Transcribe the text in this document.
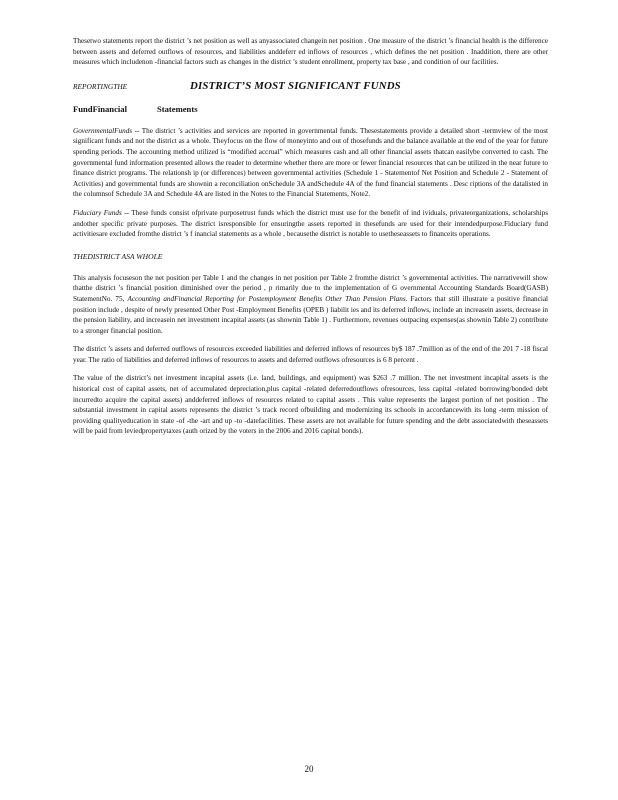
Thesetwo statements report the district ’s net position as well as anyassociated changein net position . One measure of the district ’s financial health is the difference between assets and deferred outflows of resources, and liabilities anddeferr ed inflows of resources , which defines the net position . Inaddition, there are other measures which includenon -financial factors such as changes in the district ’s student enrollment, property tax base , and condition of our facilities.

REPORTINGTHE	DISTRICT’S MOST SIGNIFICANT FUNDS
FundFinancial	Statements

GovernmentalFunds -- The district ’s activities and services are reported in governmental funds. Thesestatements provide a detailed short -termview of the most significant funds and not the district as a whole. Theyfocus on the flow of moneyinto and out of thosefunds and the balance available at the end of the year for future spending periods. The accounting method utilized is “modified accrual” which measures cash and all other financial assets thatcan easilybe converted to cash. The governmental fund information presented allows the reader to determine whether there are more or fewer financial resources that can be utilized in the near future to finance district programs. The relationsh ip (or differences) between governmental activities (Schedule 1 - Statementof Net Position and Schedule 2 - Statement of Activities) and governmental funds are shownin a reconciliation onSchedule 3A andSchedule 4A of the fund financial statements . Desc riptions of the datalisted in the columnsof Schedule 3A and Schedule 4A are listed in the Notes to the Financial Statements, Note2.

Fiduciary Funds -- These funds consist ofprivate purposetrust funds which the district must use for the benefit of ind ividuals, privateorganizations, scholarships andother specific private purposes. The district isresponsible for ensuringthe assets reported in thesefunds are used for their intendedpurpose.Fiduciary fund activitiesare excluded fromthe district ’s f inancial statements as a whole , becausethe district is notable to usetheseassets to financeits operations.

THEDISTRICT ASA WHOLE

This analysis focuseson the net position per Table 1 and the changes in net position per Table 2 fromthe district ’s governmental activities. The narrativewill show thatthe district ’s financial position diminished over the period , p rimarily due to the implementation of G overnmental Accounting Standards Board(GASB) StatementNo. 75, Accounting andFinancial Reporting for Postemployment Benefits Other Than Pension Plans. Factors that still illustrate a positive financial position include , despite of newly presented Other Post -Employment Benefits (OPEB ) liabilit ies and its deferred inflows, include an increasein assets, decrease in the pension liability, and increasein net investment incapital assets (as shownin Table 1) . Furthermore, revenues outpacing expenses(as shownin Table 2) contribute to a stronger financial position.

The district ’s assets and deferred outflows of resources exceeded liabilities and deferred inflows of resources by$ 187 .7million as of the end of the 201 7 -18 fiscal year. The ratio of liabilities and deferred inflows of resources to assets and deferred outflows ofresources is 6 8 percent .

The value of the district’s net investment incapital assets (i.e. land, buildings, and equipment) was $263 .7 million. The net investment incapital assets is the historical cost of capital assets, net of accumulated depreciation,plus capital -related deferredoutflows ofresources, less capital -related borrowing/bonded debt incurredto acquire the capital assets) anddeferred inflows of resources related to capital assets . This value represents the largest portion of net position . The substantial investment in capital assets represents the district ’s track record ofbuilding and modernizing its schools in accordancewith its long -term mission of providing qualityeducation in state -of -the -art and up -to -datefacilities. These assets are not available for future spending and the debt associatedwith theseassets will be paid from leviedpropertytaxes (auth orized by the voters in the 2006 and 2016 capital bonds).

20
